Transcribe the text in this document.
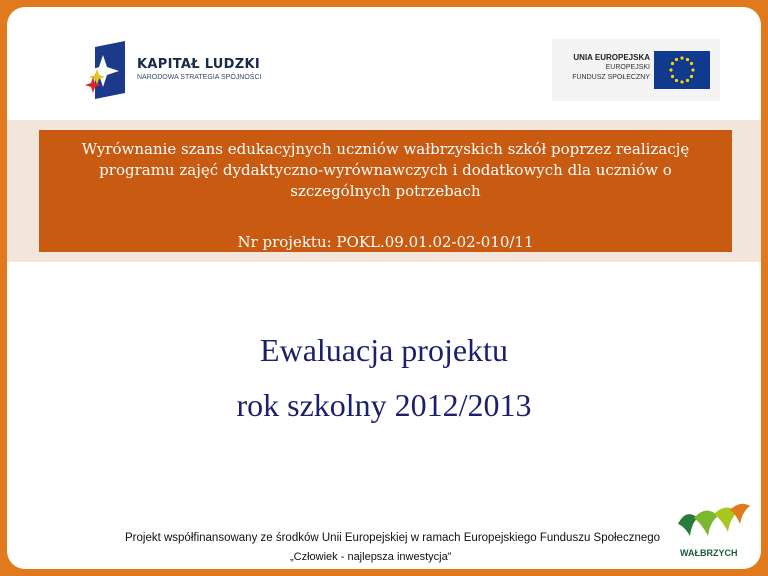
KAPITAŁ LUDZKI
NARODOWA STRATEGIA SPÓJNOŚCI
UNIA EUROPEJSKA
EUROPEJSKI
FUNDUSZ SPOŁECZNY
Wyrównanie szans edukacyjnych uczniów wałbrzyskich szkół poprzez realizację programu zajęć dydaktyczno-wyrównawczych i dodatkowych dla uczniów o szczególnych potrzebach
Nr projektu: POKL.09.01.02-02-010/11
Ewaluacja projektu
rok szkolny 2012/2013
Projekt współfinansowany ze środków Unii Europejskiej w ramach Europejskiego Funduszu Społecznego
„Człowiek - najlepsza inwestycja”	WAŁBRZYCH
